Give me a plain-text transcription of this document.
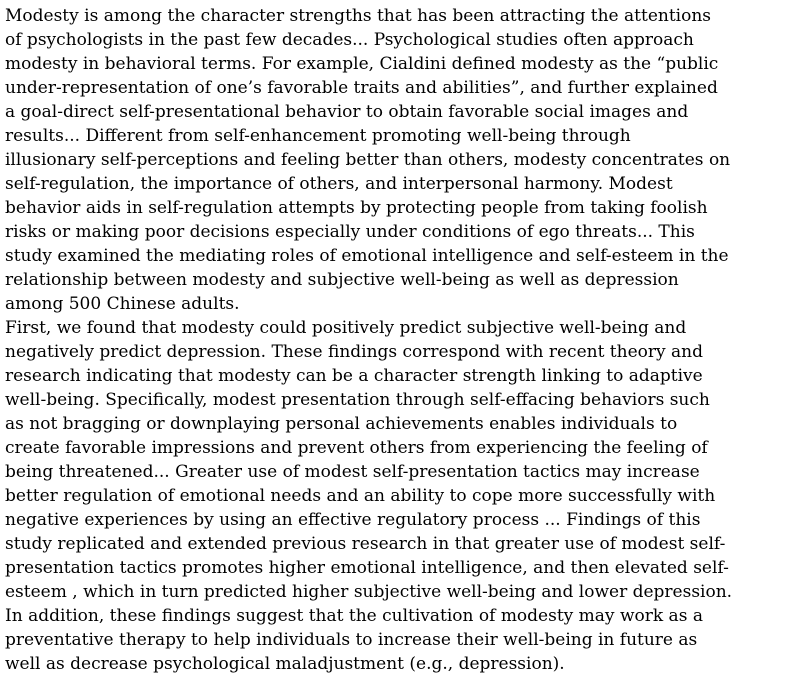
Modesty is among the character strengths that has been attracting the attentions
of psychologists in the past few decades... Psychological studies often approach
modesty in behavioral terms. For example, Cialdini defined modesty as the “public
under-representation of one’s favorable traits and abilities”, and further explained
a goal-direct self-presentational behavior to obtain favorable social images and
results... Different from self-enhancement promoting well-being through
illusionary self-perceptions and feeling better than others, modesty concentrates on
self-regulation, the importance of others, and interpersonal harmony. Modest
behavior aids in self-regulation attempts by protecting people from taking foolish
risks or making poor decisions especially under conditions of ego threats... This
study examined the mediating roles of emotional intelligence and self-esteem in the
relationship between modesty and subjective well-being as well as depression
among 500 Chinese adults.
First, we found that modesty could positively predict subjective well-being and
negatively predict depression. These findings correspond with recent theory and
research indicating that modesty can be a character strength linking to adaptive
well-being. Specifically, modest presentation through self-effacing behaviors such
as not bragging or downplaying personal achievements enables individuals to
create favorable impressions and prevent others from experiencing the feeling of
being threatened... Greater use of modest self-presentation tactics may increase
better regulation of emotional needs and an ability to cope more successfully with
negative experiences by using an effective regulatory process ... Findings of this
study replicated and extended previous research in that greater use of modest self-
presentation tactics promotes higher emotional intelligence, and then elevated self-
esteem , which in turn predicted higher subjective well-being and lower depression.
In addition, these findings suggest that the cultivation of modesty may work as a
preventative therapy to help individuals to increase their well-being in future as
well as decrease psychological maladjustment (e.g., depression).
